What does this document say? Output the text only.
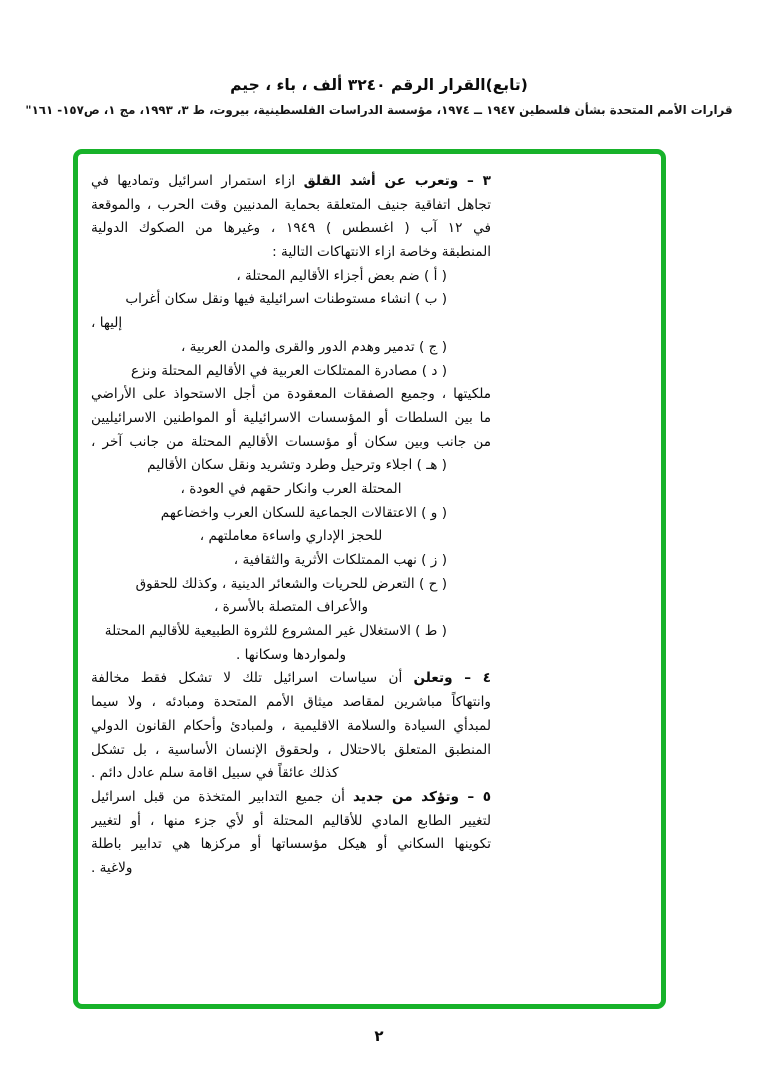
(تابع)القرار الرقم ٣٢٤٠ ألف ، باء ، جيم
قرارات الأمم المتحدة بشأن فلسطين ١٩٤٧ ــ ١٩٧٤، مؤسسة الدراسات الفلسطينية، بيروت، ط ٣، ١٩٩٣، مج ١، ص١٥٧- ١٦١"
٣ – وتعرب عن أشد القلق ازاء استمرار اسرائيل وتماديها في
تجاهل اتفاقية جنيف المتعلقة بحماية المدنيين وقت الحرب ، والموقعة
في ١٢ آب ( اغسطس ) ١٩٤٩ ، وغيرها من الصكوك الدولية
المنطبقة وخاصة ازاء الانتهاكات التالية :
( أ ) ضم بعض أجزاء الأقاليم المحتلة ،
( ب ) انشاء مستوطنات اسرائيلية فيها ونقل سكان أغراب
إليها ،
( ج ) تدمير وهدم الدور والقرى والمدن العربية ،
( د ) مصادرة الممتلكات العربية في الأقاليم المحتلة ونزع
ملكيتها ، وجميع الصفقات المعقودة من أجل الاستحواذ على الأراضي
ما بين السلطات أو المؤسسات الاسرائيلية أو المواطنين الاسرائيليين
من جانب وبين سكان أو مؤسسات الأقاليم المحتلة من جانب آخر ،
( هـ ) اجلاء وترحيل وطرد وتشريد ونقل سكان الأقاليم
المحتلة العرب وانكار حقهم في العودة ،
( و ) الاعتقالات الجماعية للسكان العرب واخضاعهم
للحجز الإداري واساءة معاملتهم ،
( ز ) نهب الممتلكات الأثرية والثقافية ،
( ح ) التعرض للحريات والشعائر الدينية ، وكذلك للحقوق
والأعراف المتصلة بالأسرة ،
( ط ) الاستغلال غير المشروع للثروة الطبيعية للأقاليم المحتلة
ولمواردها وسكانها .
٤ – وتعلن أن سياسات اسرائيل تلك لا تشكل فقط مخالفة
وانتهاكاً مباشرين لمقاصد ميثاق الأمم المتحدة ومبادئه ، ولا سيما
لمبدأي السيادة والسلامة الاقليمية ، ولمبادئ وأحكام القانون الدولي
المنطبق المتعلق بالاحتلال ، ولحقوق الإنسان الأساسية ، بل تشكل
كذلك عائقاً في سبيل اقامة سلم عادل دائم .
٥ – وتؤكد من جديد أن جميع التدابير المتخذة من قبل اسرائيل
لتغيير الطابع المادي للأقاليم المحتلة أو لأي جزء منها ، أو لتغيير
تكوينها السكاني أو هيكل مؤسساتها أو مركزها هي تدابير باطلة
ولاغية .
٢
